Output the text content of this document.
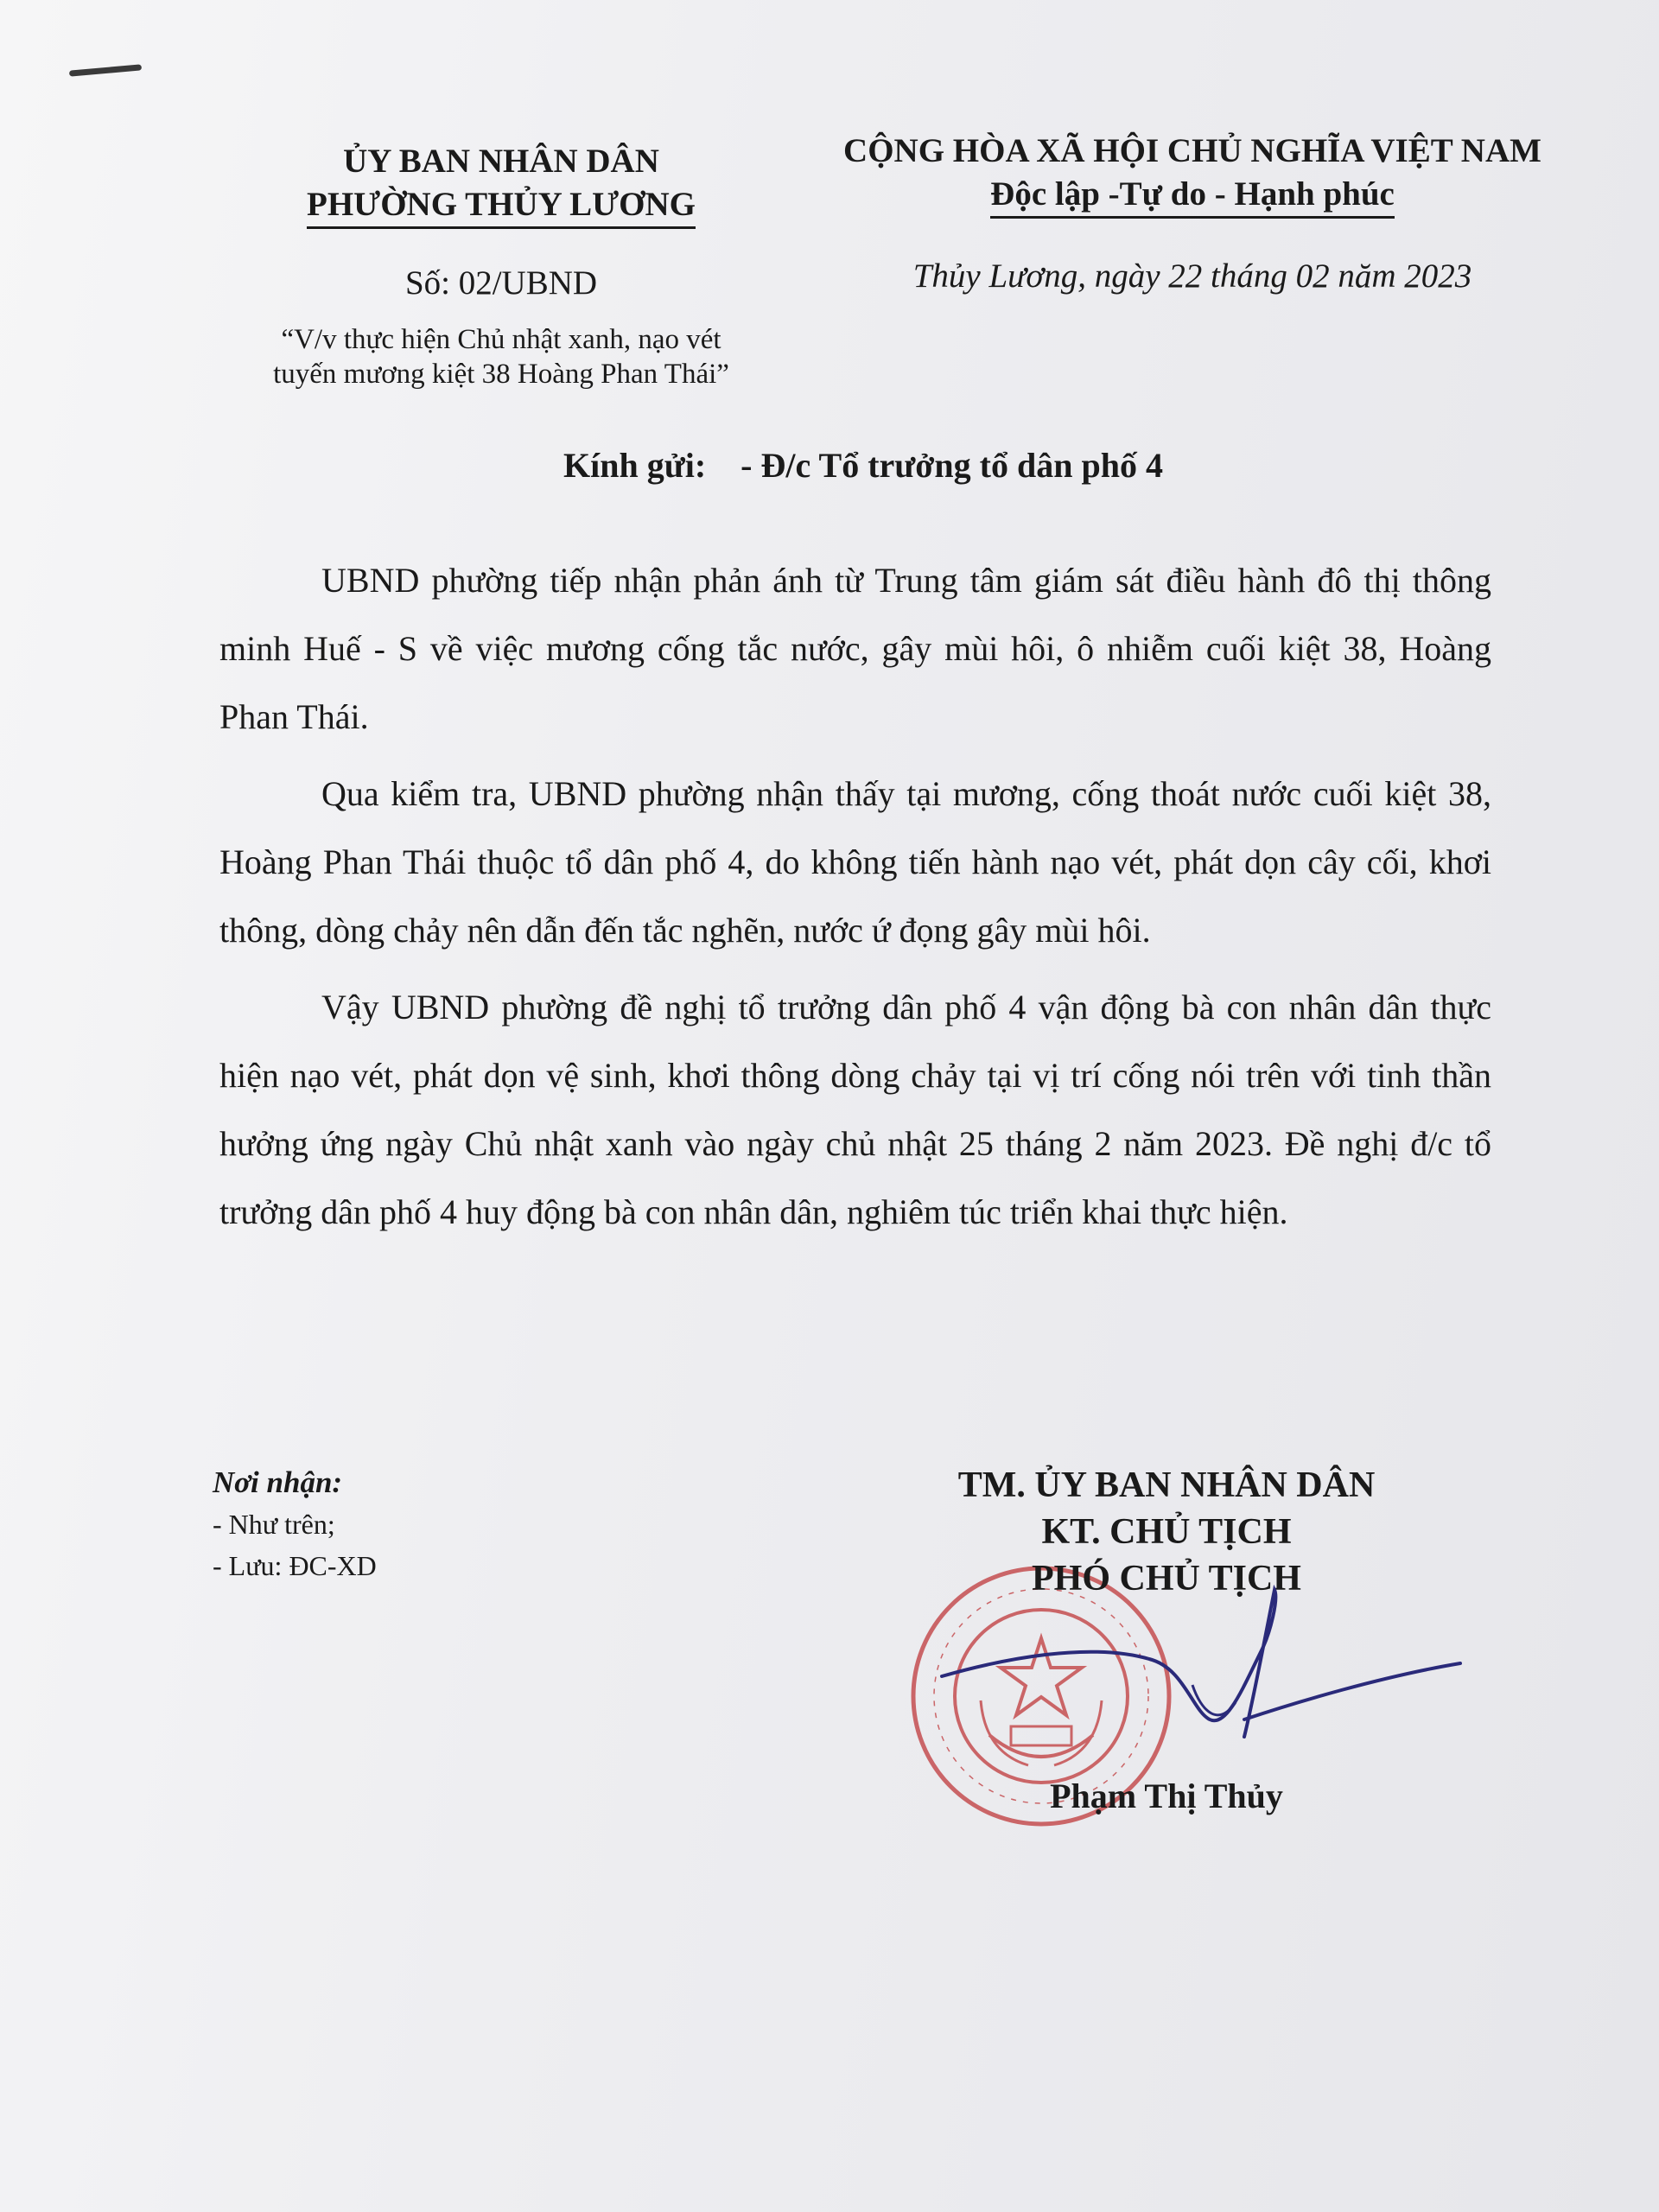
ỦY BAN NHÂN DÂN
PHƯỜNG THỦY LƯƠNG
Số: 02/UBND
“V/v thực hiện Chủ nhật xanh, nạo vét
tuyến mương kiệt 38 Hoàng Phan Thái”
CỘNG HÒA XÃ HỘI CHỦ NGHĨA VIỆT NAM
Độc lập -Tự do - Hạnh phúc
Thủy Lương, ngày 22 tháng 02 năm 2023
Kính gửi: - Đ/c Tổ trưởng tổ dân phố 4

UBND phường tiếp nhận phản ánh từ Trung tâm giám sát điều hành đô thị thông minh Huế - S về việc mương cống tắc nước, gây mùi hôi, ô nhiễm cuối kiệt 38, Hoàng Phan Thái.

Qua kiểm tra, UBND phường nhận thấy tại mương, cống thoát nước cuối kiệt 38, Hoàng Phan Thái thuộc tổ dân phố 4, do không tiến hành nạo vét, phát dọn cây cối, khơi thông, dòng chảy nên dẫn đến tắc nghẽn, nước ứ đọng gây mùi hôi.

Vậy UBND phường đề nghị tổ trưởng dân phố 4 vận động bà con nhân dân thực hiện nạo vét, phát dọn vệ sinh, khơi thông dòng chảy tại vị trí cống nói trên với tinh thần hưởng ứng ngày Chủ nhật xanh vào ngày chủ nhật 25 tháng 2 năm 2023. Đề nghị đ/c tổ trưởng dân phố 4 huy động bà con nhân dân, nghiêm túc triển khai thực hiện.

Nơi nhận:
- Như trên;
- Lưu: ĐC-XD
TM. ỦY BAN NHÂN DÂN
KT. CHỦ TỊCH
PHÓ CHỦ TỊCH
Phạm Thị Thủy
